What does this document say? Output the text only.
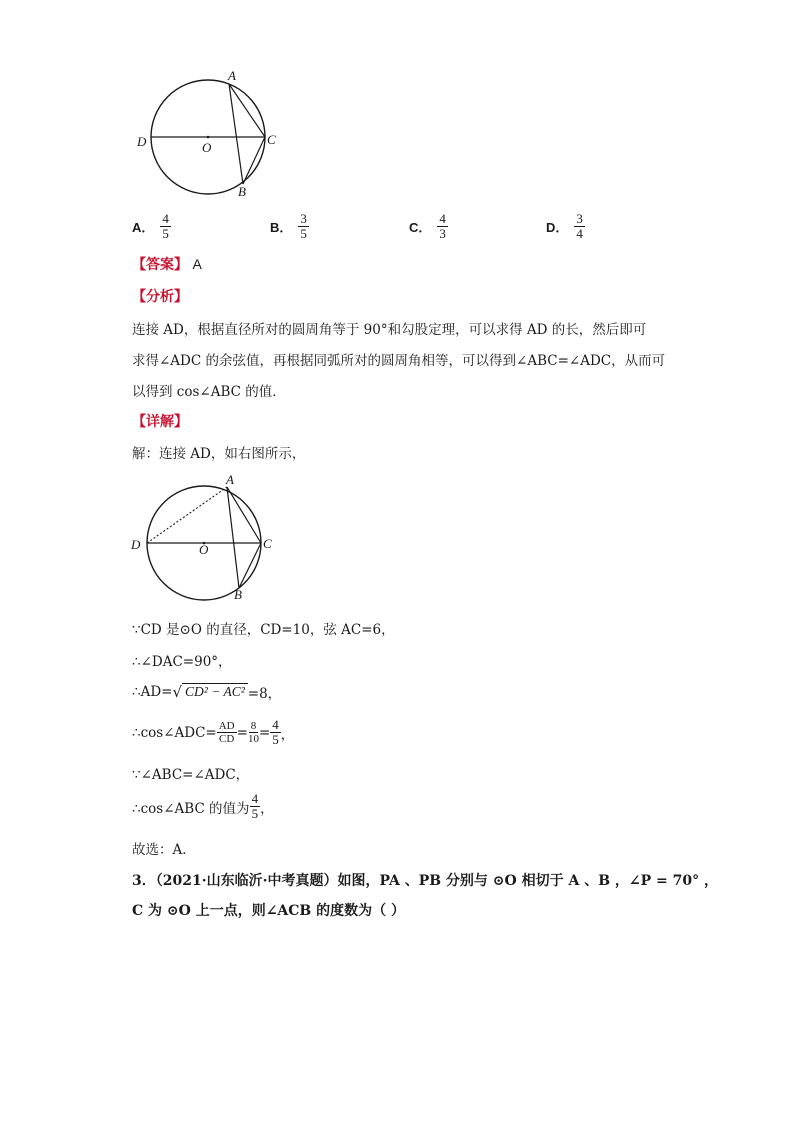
A
D	O
C
B
A． $\frac{4}{5}$	B． $\frac{3}{5}$	C． $\frac{4}{3}$	D． $\frac{3}{4}$
【答案】 A
【分析】
连接 AD，根据直径所对的圆周角等于 90°和勾股定理，可以求得 AD 的长，然后即可
求得∠ADC 的余弦值，再根据同弧所对的圆周角相等，可以得到∠ABC=∠ADC，从而可
以得到 cos∠ABC 的值．
【详解】
解：连接 AD，如右图所示，
A
D	O	C
B
∵CD 是⊙O 的直径，CD=10，弦 AC=6，
∴∠DAC=90°，
∴AD= √ CD² − AC² =8，
∴cos∠ADC= $\frac{AD}{CD} = \frac{8}{10} = \frac{4}{5}$ ，
∵∠ABC=∠ADC，
∴cos∠ABC 的值为 $\frac{4}{5}$ ，
故选：A．
3．（2021·山东临沂·中考真题）如图，PA 、PB 分别与 ⊙O 相切于 A 、B ，∠P = 70° ，
C 为 ⊙O 上一点，则∠ACB 的度数为（ ）
